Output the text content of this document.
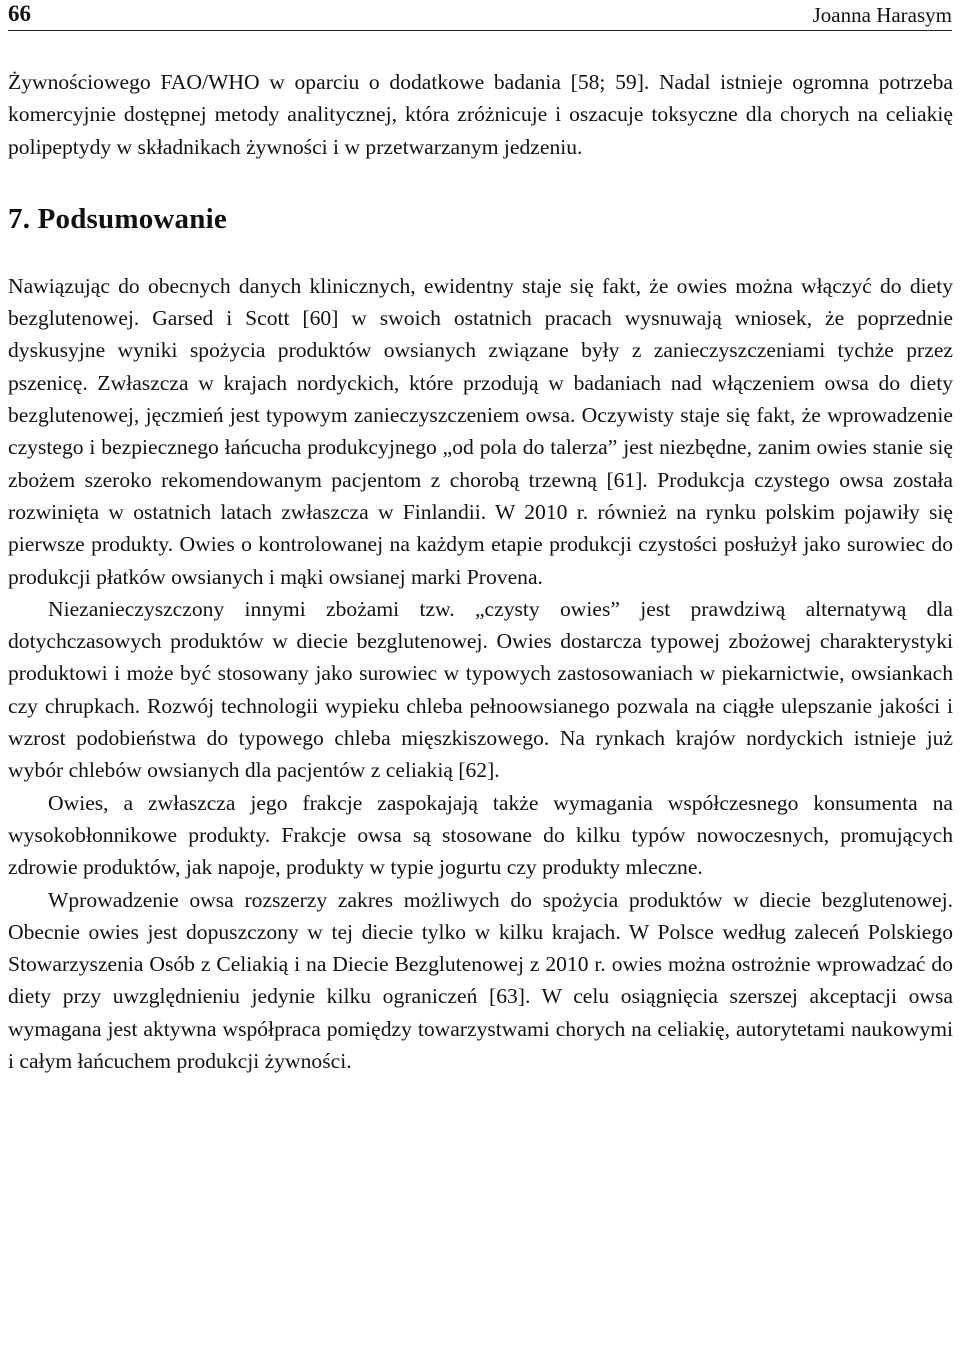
66	Joanna Harasym

Żywnościowego FAO/WHO w oparciu o dodatkowe badania [58; 59]. Nadal istnieje ogromna potrzeba komercyjnie dostępnej metody analitycznej, która zróżnicuje i oszacuje toksyczne dla chorych na celiakię polipeptydy w składnikach żywności i w przetwarzanym jedzeniu.

7. Podsumowanie

Nawiązując do obecnych danych klinicznych, ewidentny staje się fakt, że owies można włączyć do diety bezglutenowej. Garsed i Scott [60] w swoich ostatnich pracach wysnuwają wniosek, że poprzednie dyskusyjne wyniki spożycia produktów owsianych związane były z zanieczyszczeniami tychże przez pszenicę. Zwłaszcza w krajach nordyckich, które przodują w badaniach nad włączeniem owsa do diety bezglutenowej, jęczmień jest typowym zanieczyszczeniem owsa. Oczywisty staje się fakt, że wprowadzenie czystego i bezpiecznego łańcucha produkcyjnego „od pola do talerza” jest niezbędne, zanim owies stanie się zbożem szeroko rekomendowanym pacjentom z chorobą trzewną [61]. Produkcja czystego owsa została rozwinięta w ostatnich latach zwłaszcza w Finlandii. W 2010 r. również na rynku polskim pojawiły się pierwsze produkty. Owies o kontrolowanej na każdym etapie produkcji czystości posłużył jako surowiec do produkcji płatków owsianych i mąki owsianej marki Provena.

Niezanieczyszczony innymi zbożami tzw. „czysty owies” jest prawdziwą alternatywą dla dotychczasowych produktów w diecie bezglutenowej. Owies dostarcza typowej zbożowej charakterystyki produktowi i może być stosowany jako surowiec w typowych zastosowaniach w piekarnictwie, owsiankach czy chrupkach. Rozwój technologii wypieku chleba pełnoowsianego pozwala na ciągłe ulepszanie jakości i wzrost podobieństwa do typowego chleba mięszkiszowego. Na rynkach krajów nordyckich istnieje już wybór chlebów owsianych dla pacjentów z celiakią [62].

Owies, a zwłaszcza jego frakcje zaspokajają także wymagania współczesnego konsumenta na wysokobłonnikowe produkty. Frakcje owsa są stosowane do kilku typów nowoczesnych, promujących zdrowie produktów, jak napoje, produkty w typie jogurtu czy produkty mleczne.

Wprowadzenie owsa rozszerzy zakres możliwych do spożycia produktów w diecie bezglutenowej. Obecnie owies jest dopuszczony w tej diecie tylko w kilku krajach. W Polsce według zaleceń Polskiego Stowarzyszenia Osób z Celiakią i na Diecie Bezglutenowej z 2010 r. owies można ostrożnie wprowadzać do diety przy uwzględnieniu jedynie kilku ograniczeń [63]. W celu osiągnięcia szerszej akceptacji owsa wymagana jest aktywna współpraca pomiędzy towarzystwami chorych na celiakię, autorytetami naukowymi i całym łańcuchem produkcji żywności.
